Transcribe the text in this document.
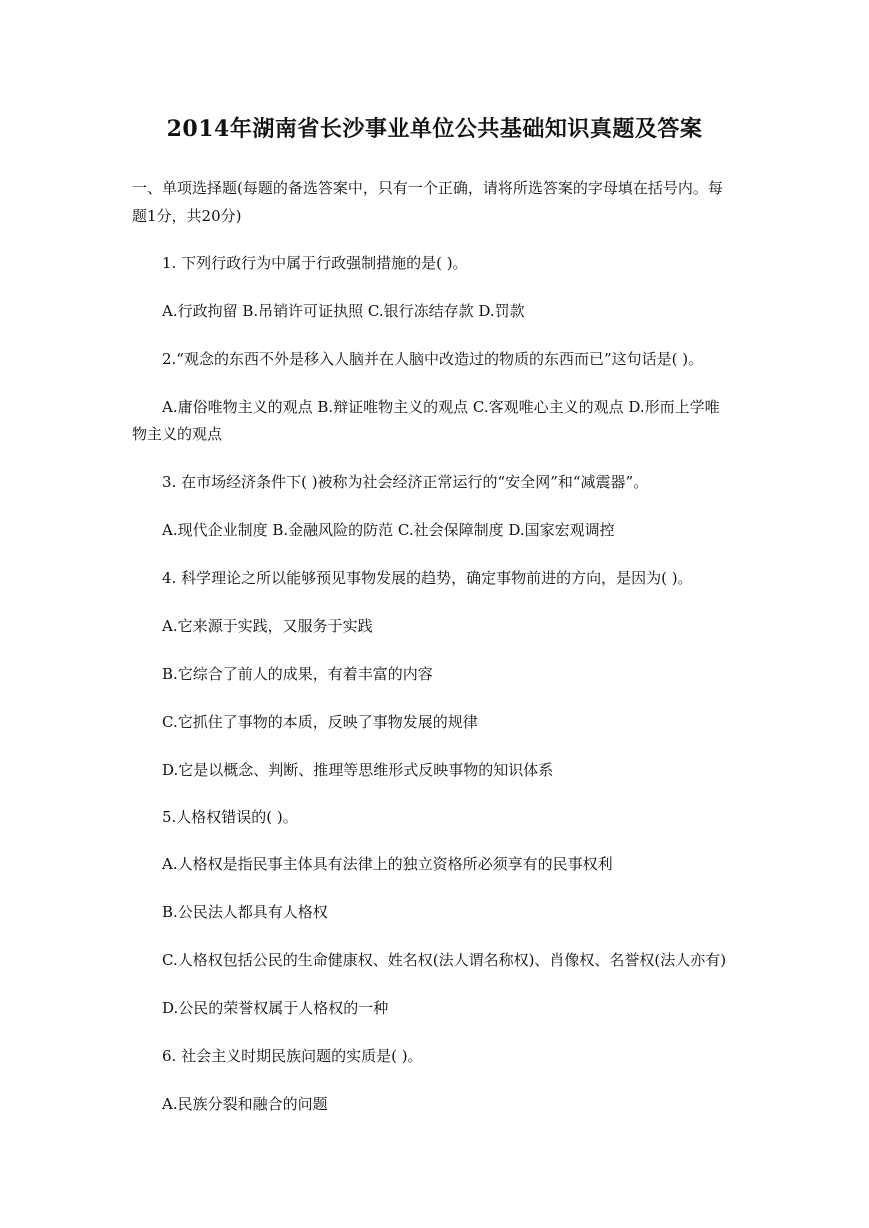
2014年湖南省长沙事业单位公共基础知识真题及答案
一、单项选择题(每题的备选答案中，只有一个正确，请将所选答案的字母填在括号内。每
题1分，共20分)
1. 下列行政行为中属于行政强制措施的是( )。
A.行政拘留 B.吊销许可证执照 C.银行冻结存款 D.罚款
2.“观念的东西不外是移入人脑并在人脑中改造过的物质的东西而已”这句话是( )。
A.庸俗唯物主义的观点 B.辩证唯物主义的观点 C.客观唯心主义的观点 D.形而上学唯
物主义的观点
3. 在市场经济条件下( )被称为社会经济正常运行的“安全网”和“减震器”。
A.现代企业制度 B.金融风险的防范 C.社会保障制度 D.国家宏观调控
4. 科学理论之所以能够预见事物发展的趋势，确定事物前进的方向，是因为( )。
A.它来源于实践，又服务于实践
B.它综合了前人的成果，有着丰富的内容
C.它抓住了事物的本质，反映了事物发展的规律
D.它是以概念、判断、推理等思维形式反映事物的知识体系
5.人格权错误的( )。
A.人格权是指民事主体具有法律上的独立资格所必须享有的民事权利
B.公民法人都具有人格权
C.人格权包括公民的生命健康权、姓名权(法人谓名称权)、肖像权、名誉权(法人亦有)
D.公民的荣誉权属于人格权的一种
6. 社会主义时期民族问题的实质是( )。
A.民族分裂和融合的问题
